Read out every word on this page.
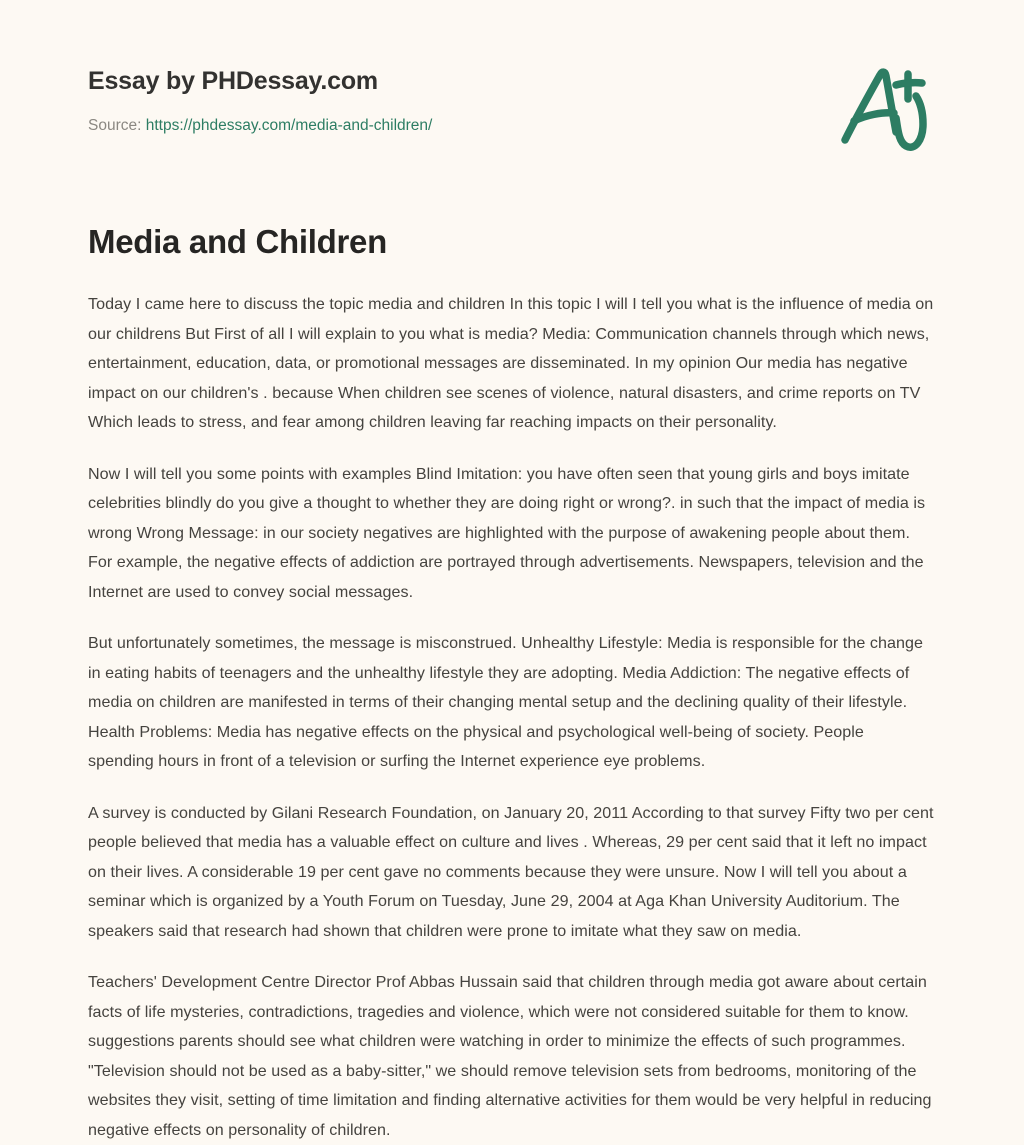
Essay by PHDessay.com
Source: https://phdessay.com/media-and-children/
Media and Children

Today I came here to discuss the topic media and children In this topic I will I tell you what is the influence of media on our childrens But First of all I will explain to you what is media? Media: Communication channels through which news, entertainment, education, data, or promotional messages are disseminated. In my opinion Our media has negative impact on our children's . because When children see scenes of violence, natural disasters, and crime reports on TV Which leads to stress, and fear among children leaving far reaching impacts on their personality.

Now I will tell you some points with examples Blind Imitation: you have often seen that young girls and boys imitate celebrities blindly do you give a thought to whether they are doing right or wrong?. in such that the impact of media is wrong Wrong Message: in our society negatives are highlighted with the purpose of awakening people about them. For example, the negative effects of addiction are portrayed through advertisements. Newspapers, television and the Internet are used to convey social messages.

But unfortunately sometimes, the message is misconstrued. Unhealthy Lifestyle: Media is responsible for the change in eating habits of teenagers and the unhealthy lifestyle they are adopting. Media Addiction: The negative effects of media on children are manifested in terms of their changing mental setup and the declining quality of their lifestyle. Health Problems: Media has negative effects on the physical and psychological well-being of society. People spending hours in front of a television or surfing the Internet experience eye problems.

A survey is conducted by Gilani Research Foundation, on January 20, 2011 According to that survey Fifty two per cent people believed that media has a valuable effect on culture and lives . Whereas, 29 per cent said that it left no impact on their lives. A considerable 19 per cent gave no comments because they were unsure. Now I will tell you about a seminar which is organized by a Youth Forum on Tuesday, June 29, 2004 at Aga Khan University Auditorium. The speakers said that research had shown that children were prone to imitate what they saw on media.

Teachers' Development Centre Director Prof Abbas Hussain said that children through media got aware about certain facts of life mysteries, contradictions, tragedies and violence, which were not considered suitable for them to know. suggestions parents should see what children were watching in order to minimize the effects of such programmes. "Television should not be used as a baby-sitter," we should remove television sets from bedrooms, monitoring of the websites they visit, setting of time limitation and finding alternative activities for them would be very helpful in reducing negative effects on personality of children.
